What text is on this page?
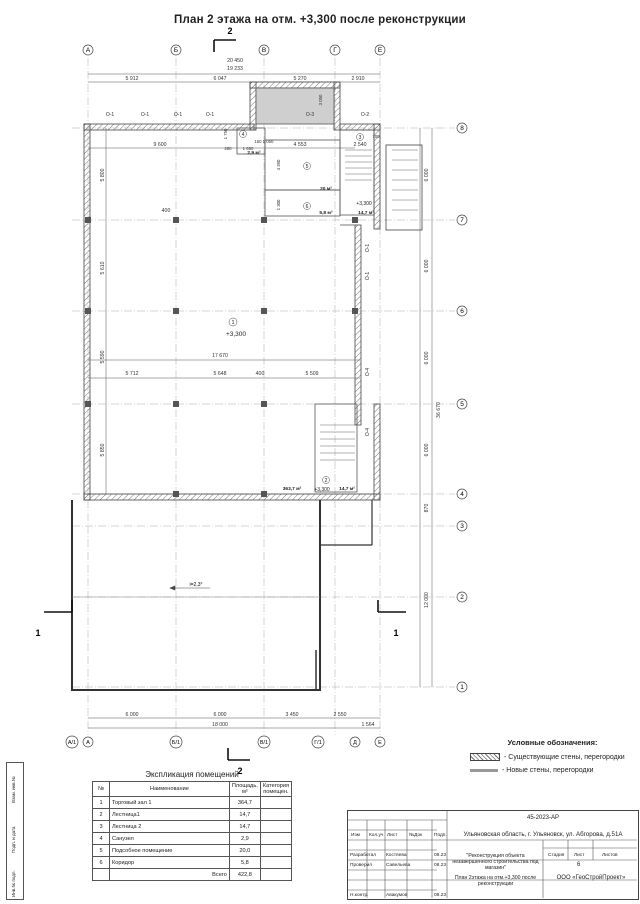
А	Б	В	Г	Е
А/1 А	Б/1	В/1	Г/1	Д	Е
8
7
6
5
4
3
2
1
2
2
1	1
20 450
19 233
5 912	6 047	5 270	2 910
9 600	4 553	2 540
О-1	О-1	О-1	О-1	О-3	О-2
О-1
О-1
О-4
О-4
5 800
5 610
5 590
5 850
6 000
6 000
6 000
6 000
12 000
36 670
870
17 670
5 712	5 648	400	5 509
400
6 000	6 000	3 450	2 550
1 564
18 000
1 650
150 1 050
4 390
1 300
1 750
3 050
700
280
1
+3,300
2
+3,300
3
4
5
6	+3,300
2,9 м²
20 м²
5,8 м²	14,7 м²
14,7 м²
363,7 м²
i=2,3°
План 2 этажа на отм. +3,300 после реконструкции
Условные обозначения:
- Существующие стены, перегородки
- Новые стены, перегородки
Экспликация помещений
№	Наименование	Площадь, м²	Категория помещен.
1	Торговый зал 1	364,7	
2	Лестница1	14,7	
3	Лестница 2	14,7	
4	Санузел	2,9	
5	Подсобное помещение	20,0	
6	Коридор	5,8	
	Всего	422,8	
45-2023-АР
Ульяновская область, г. Ульяновск, ул. Абгорова, д.51А
"Реконструкция объекта незавершенного строительства под магазин"
План 2этажа на отм.+3,300 после реконструкции
ООО «ГеоСтройПроект»
Изм Кол.уч Лист №Док Подп.
Разработал Костяева	08.23
Проверил	Савельева	08.23
Н.контр.	Авакумов	08.23
Стадия Лист	Листов
6
Взам. инв.№
Подп. и дата
Инв.№ подл.
